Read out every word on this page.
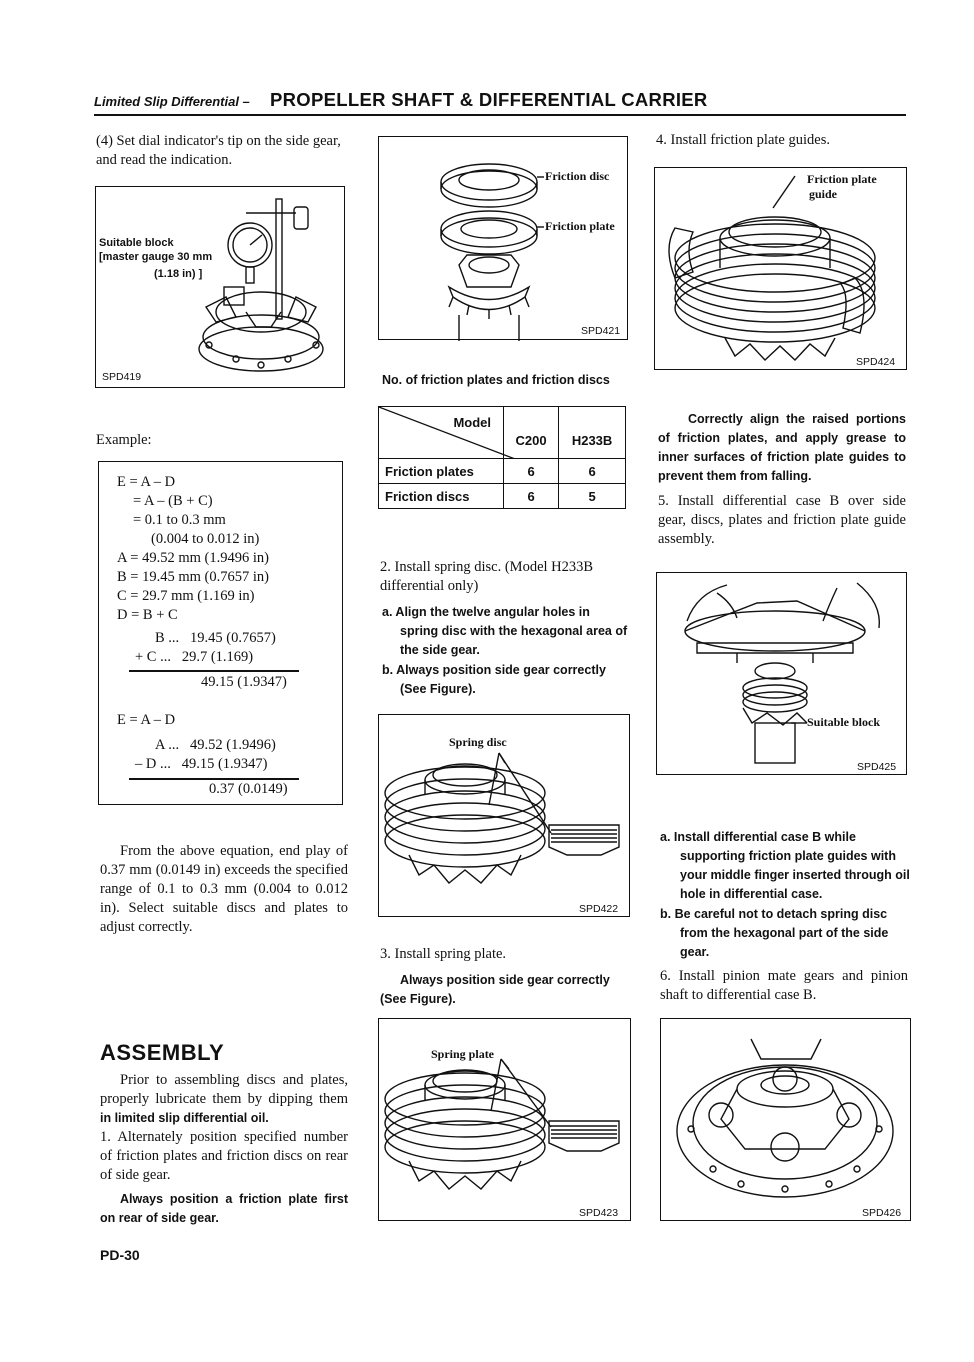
Limited Slip Differential – PROPELLER SHAFT & DIFFERENTIAL CARRIER
(4) Set dial indicator's tip on the side gear, and read the indication.
Suitable block
[master gauge 30 mm
(1.18 in) ]
SPD419
Example:
E = A – D
= A – (B + C)
= 0.1 to 0.3 mm
(0.004 to 0.012 in)
A = 49.52 mm (1.9496 in)
B = 19.45 mm (0.7657 in)
C = 29.7 mm (1.169 in)
D = B + C
B ...   19.45 (0.7657)
+ C ...   29.7 (1.169)
49.15 (1.9347)
E = A – D
A ...   49.52 (1.9496)
– D ...   49.15 (1.9347)
0.37 (0.0149)
From the above equation, end play of 0.37 mm (0.0149 in) exceeds the specified range of 0.1 to 0.3 mm (0.004 to 0.012 in). Select suitable discs and plates to adjust correctly.
ASSEMBLY
Prior to assembling discs and plates, properly lubricate them by dipping them in limited slip differential oil.
1. Alternately position specified number of friction plates and friction discs on rear of side gear.
Always position a friction plate first on rear of side gear.
PD-30
Friction disc
Friction plate
SPD421
No. of friction plates and friction discs
Model	C200	H233B
Friction plates	6	6
Friction discs	6	5
2. Install spring disc. (Model H233B differential only)
a. Align the twelve angular holes in spring disc with the hexagonal area of the side gear.
b. Always position side gear correctly (See Figure).
Spring disc
SPD422
3. Install spring plate.
Always position side gear correctly (See Figure).
Spring plate
SPD423
4. Install friction plate guides.
Friction plate
guide
SPD424
Correctly align the raised portions of friction plates, and apply grease to inner surfaces of friction plate guides to prevent them from falling.
5. Install differential case B over side gear, discs, plates and friction plate guide assembly.
Suitable block
SPD425
a. Install differential case B while supporting friction plate guides with your middle finger inserted through oil hole in differential case.
b. Be careful not to detach spring disc from the hexagonal part of the side gear.
6. Install pinion mate gears and pinion shaft to differential case B.
SPD426
